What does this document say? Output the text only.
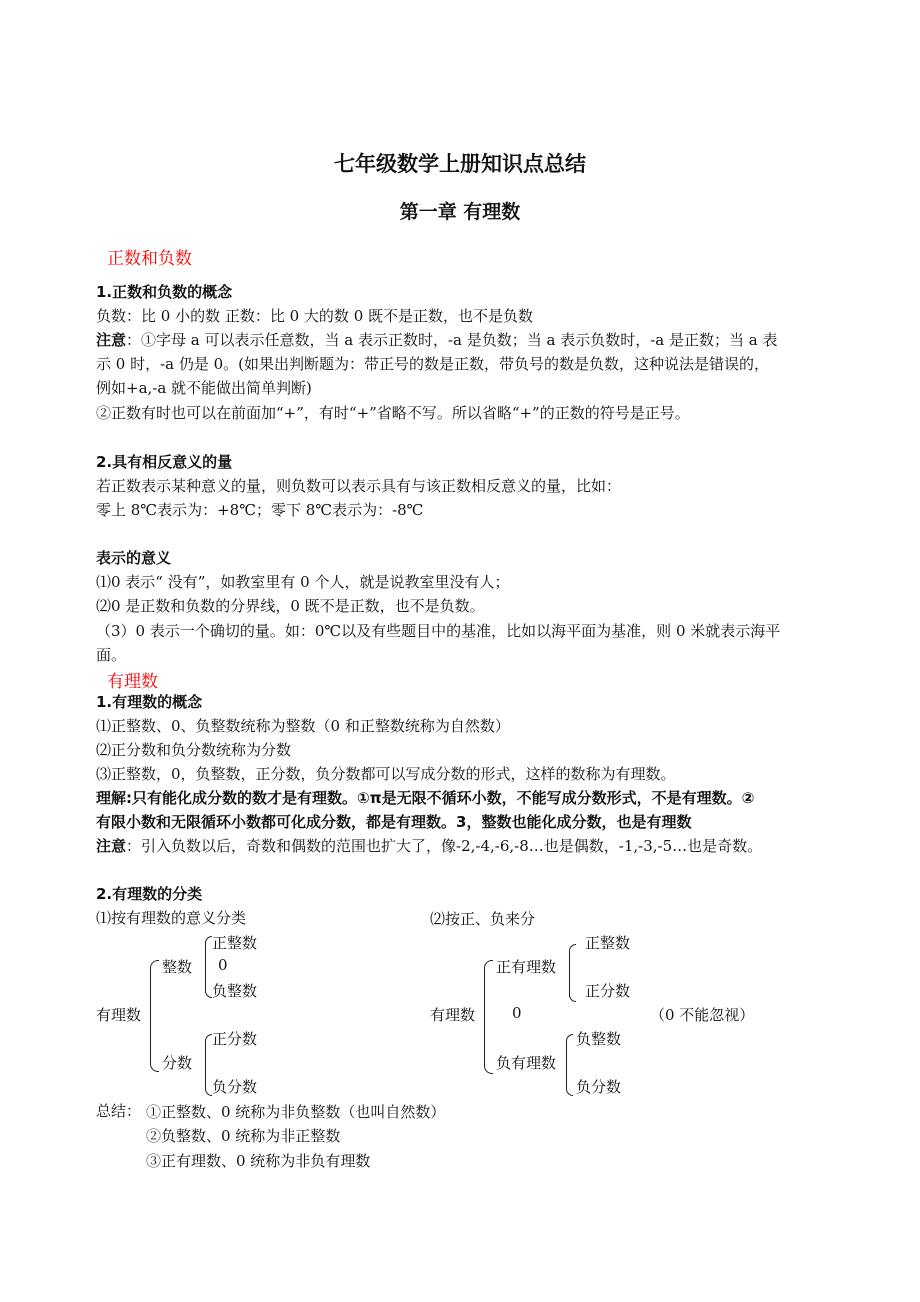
七年级数学上册知识点总结
第一章 有理数
正数和负数
1.正数和负数的概念
负数：比 0 小的数 正数：比 0 大的数 0 既不是正数，也不是负数
注意：①字母 a 可以表示任意数，当 a 表示正数时，-a 是负数；当 a 表示负数时，-a 是正数；当 a 表
示 0 时，-a 仍是 0。(如果出判断题为：带正号的数是正数，带负号的数是负数，这种说法是错误的，
例如+a,-a 就不能做出简单判断)
②正数有时也可以在前面加“+”，有时“+”省略不写。所以省略“+”的正数的符号是正号。
2.具有相反意义的量
若正数表示某种意义的量，则负数可以表示具有与该正数相反意义的量，比如：
零上 8℃表示为：+8℃；零下 8℃表示为：-8℃
表示的意义
⑴0 表示“ 没有”，如教室里有 0 个人，就是说教室里没有人；
⑵0 是正数和负数的分界线，0 既不是正数，也不是负数。
（3）0 表示一个确切的量。如：0℃以及有些题目中的基准，比如以海平面为基准，则 0 米就表示海平
面。
有理数
1.有理数的概念
⑴正整数、0、负整数统称为整数（0 和正整数统称为自然数）
⑵正分数和负分数统称为分数
⑶正整数，0，负整数，正分数，负分数都可以写成分数的形式，这样的数称为有理数。
理解:只有能化成分数的数才是有理数。①π是无限不循环小数，不能写成分数形式，不是有理数。②
有限小数和无限循环小数都可化成分数，都是有理数。3，整数也能化成分数，也是有理数
注意：引入负数以后，奇数和偶数的范围也扩大了，像-2,-4,-6,-8…也是偶数，-1,-3,-5…也是奇数。
2.有理数的分类
⑴按有理数的意义分类	⑵按正、负来分
有理数
整数
正整数
0
负整数
分数
正分数
负分数
有理数
正有理数
正整数
正分数
0	（0 不能忽视）
负有理数
负整数
负分数
总结： ①正整数、0 统称为非负整数（也叫自然数）
②负整数、0 统称为非正整数
③正有理数、0 统称为非负有理数
